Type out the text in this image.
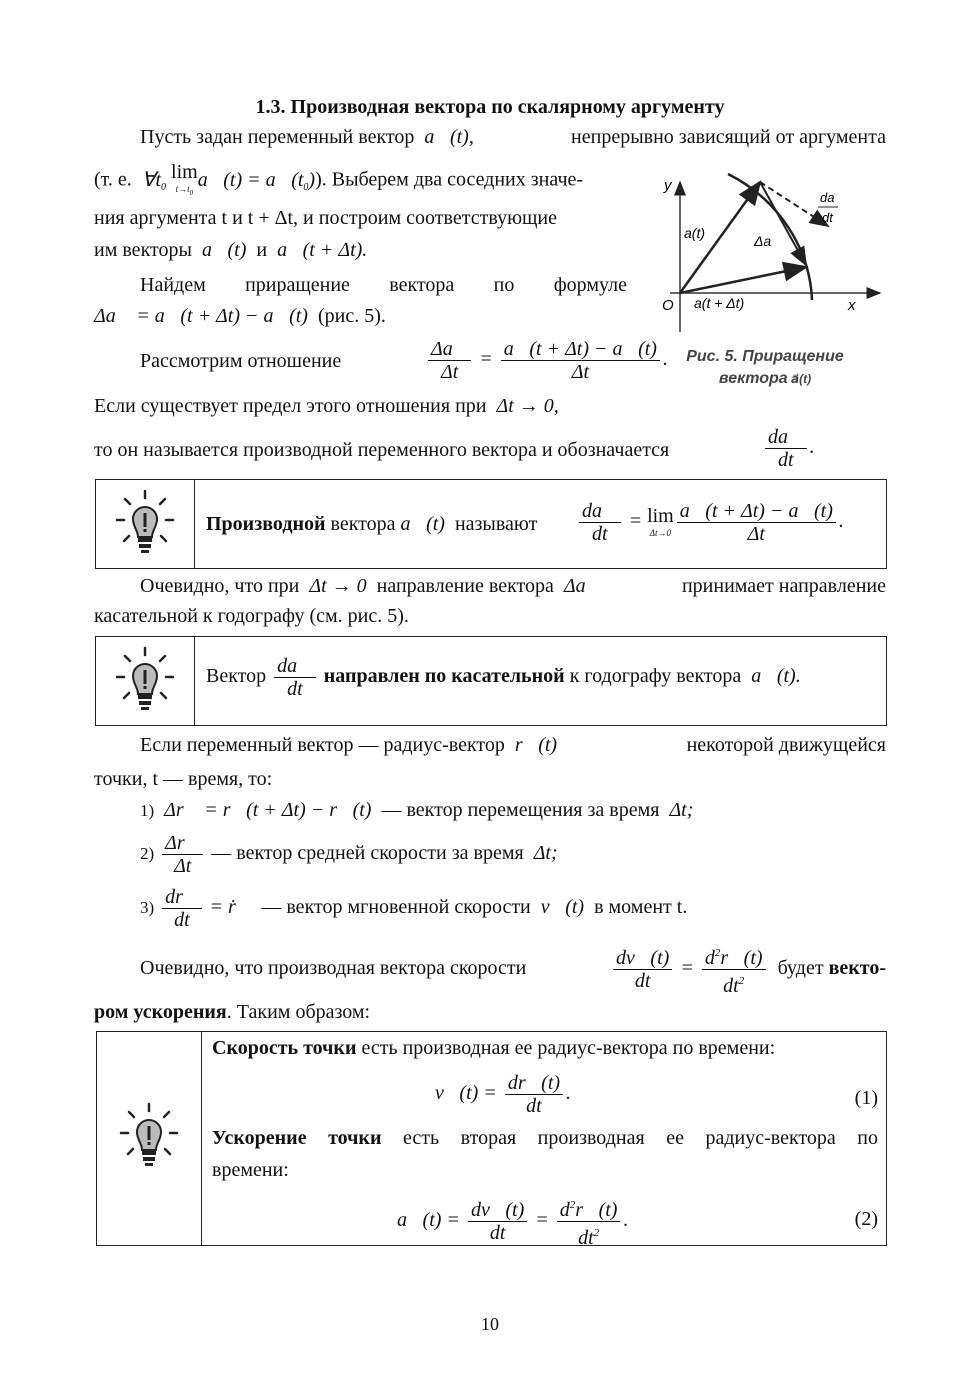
1.3. Производная вектора по скалярному аргументу
Пусть задан переменный вектор  a⃗(t),	непрерывно зависящий от аргумента
(т. е.  $\forall t_0$
lim
$t\to t_0$
a⃗(t) = $a⃗(t_0)$). Выберем два соседних значе-
ния аргумента t и t + Δt, и построим соответствующие
им векторы  a⃗(t)  и  a⃗(t + Δt).
Найдем приращение вектора по формуле
Δa⃗ = a⃗(t + Δt) − a⃗(t)  (рис. 5).
Рассмотрим отношение	$\frac{\Delta a⃗}{\Delta t} = \frac{a⃗(t + \Delta t) - a⃗(t)}{\Delta t}$ .
Если существует предел этого отношения при  Δt → 0,
то он называется производной переменного вектора и обозначается	$\frac{da⃗}{dt}$ .
y
x
O
a(t)
a(t + Δt)
Δa
da
dt
Рис. 5. Приращение
вектора a⃗(t)
Производной вектора a⃗(t)  называют $\frac{da⃗}{dt} = \lim$
$\Delta t\to 0 \frac{a⃗(t + \Delta t) - a⃗(t)}{\Delta t}$ .
Очевидно, что при  Δt → 0  направление вектора  Δa⃗	принимает направление
касательной к годографу (см. рис. 5).
Вектор $\frac{da⃗}{dt}$ направлен по касательной к годографу вектора  a⃗(t).
Если переменный вектор — радиус-вектор  r⃗(t)	некоторой движущейся
точки, t — время, то:
1)  Δr⃗ = r⃗(t + Δt) − r⃗(t)  — вектор перемещения за время  Δt;
$2) \frac{\Delta r⃗}{\Delta t}$ — вектор средней скорости за время  Δt;
$3) \frac{dr⃗}{dt}$ = ṙ⃗  — вектор мгновенной скорости  v⃗(t)  в момент t.
Очевидно, что производная вектора скорости	$\frac{dv⃗(t)}{dt} = \frac{d^2r⃗(t)}{dt^2}$ будет векто-
ром ускорения. Таким образом:
Скорость точки есть производная ее радиус-вектора по времени:
v⃗(t) = $\frac{dr⃗(t)}{dt}$ .	(1)
Ускорение точки есть вторая производная ее радиус-вектора по
времени:
a⃗(t) = $\frac{dv⃗(t)}{dt} = \frac{d^2r⃗(t)}{dt^2}$ .	(2)
10
